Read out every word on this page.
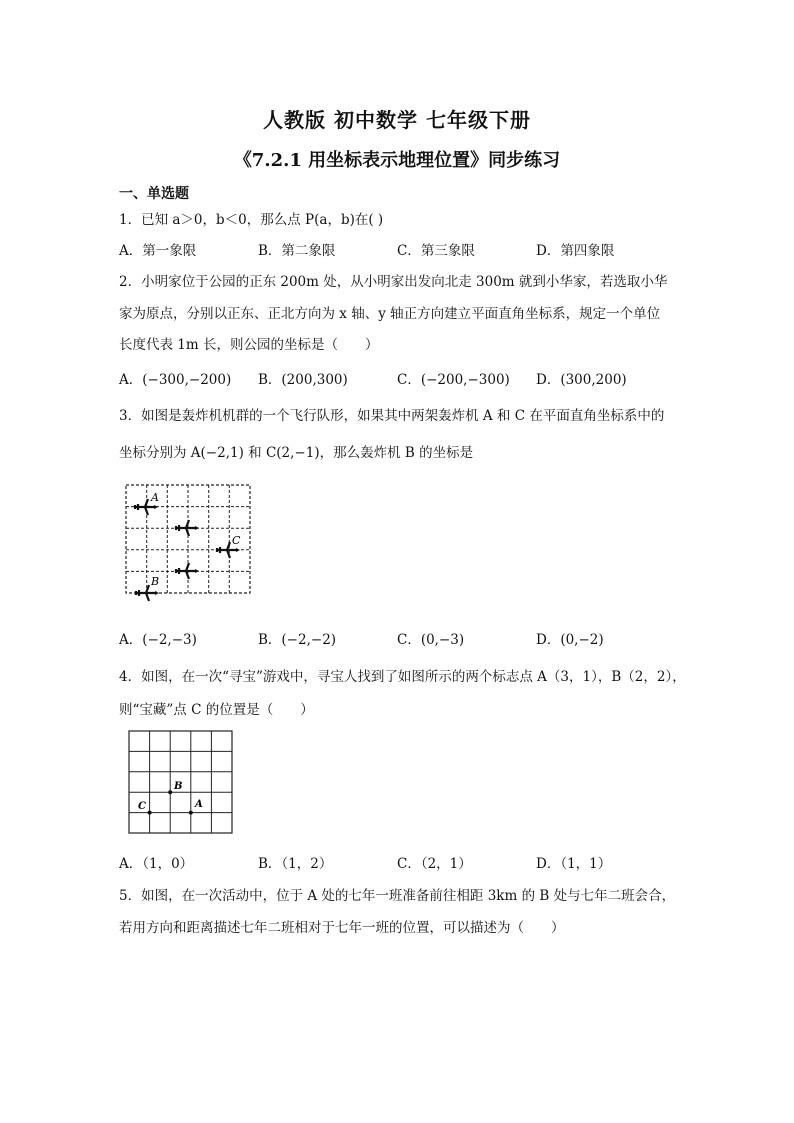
人教版 初中数学 七年级下册
《7.2.1 用坐标表示地理位置》同步练习
一、单选题
1．已知 a＞0，b＜0，那么点 P(a，b)在( )
A．第一象限	B．第二象限	C．第三象限	D．第四象限
2．小明家位于公园的正东 200m 处，从小明家出发向北走 300m 就到小华家，若选取小华
家为原点，分别以正东、正北方向为 x 轴、y 轴正方向建立平面直角坐标系，规定一个单位
长度代表 1m 长，则公园的坐标是（　　）
A．(−300,−200) B．(200,300)	C．(−200,−300) D．(300,200)
3．如图是轰炸机机群的一个飞行队形，如果其中两架轰炸机 A 和 C 在平面直角坐标系中的
坐标分别为 A(−2,1) 和 C(2,−1)，那么轰炸机 B 的坐标是
A
C
B
A．(−2,−3)	B．(−2,−2)	C．(0,−3)	D．(0,−2)
4．如图，在一次“寻宝”游戏中，寻宝人找到了如图所示的两个标志点 A（3，1），B（2，2），
则“宝藏”点 C 的位置是（　　）
B
C	A
A．（1，0）	B．（1，2）	C．（2，1）	D．（1，1）
5．如图，在一次活动中，位于 A 处的七年一班准备前往相距 3km 的 B 处与七年二班会合，
若用方向和距离描述七年二班相对于七年一班的位置，可以描述为（　　）
